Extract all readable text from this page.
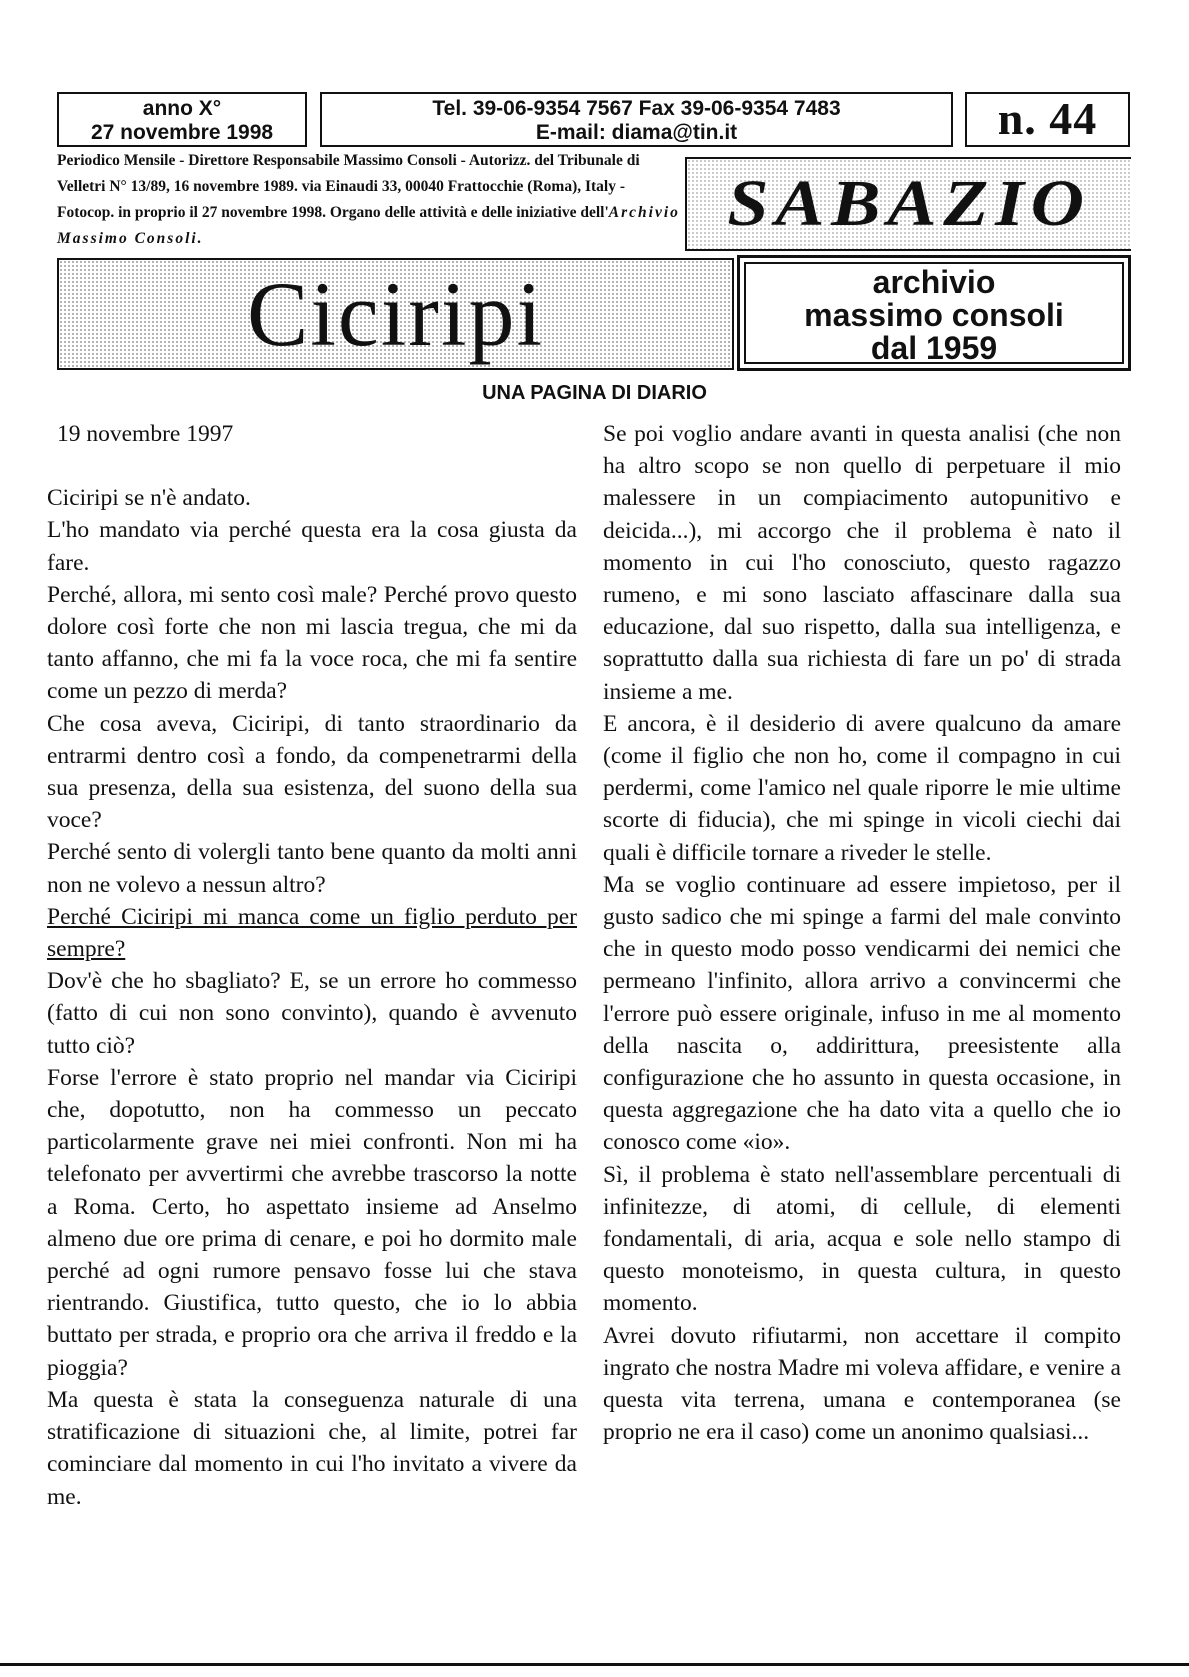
anno X°
27 novembre 1998
Tel. 39-06-9354 7567 Fax 39-06-9354 7483
E-mail: diama@tin.it	n. 44
Periodico Mensile - Direttore Responsabile Massimo Consoli - Autorizz. del Tribunale di Velletri N° 13/89, 16 novembre 1989. via Einaudi 33, 00040 Frattocchie (Roma), Italy - Fotocop. in proprio il 27 novembre 1998. Organo delle attività e delle iniziative dell'Archivio Massimo Consoli.	SABAZIO
Ciciripi	archivio
massimo consoli
dal 1959
UNA PAGINA DI DIARIO

19 novembre 1997

Ciciripi se n'è andato.

L'ho mandato via perché questa era la cosa giusta da fare.

Perché, allora, mi sento così male? Perché provo questo dolore così forte che non mi lascia tregua, che mi da tanto affanno, che mi fa la voce roca, che mi fa sentire come un pezzo di merda?

Che cosa aveva, Ciciripi, di tanto straordinario da entrarmi dentro così a fondo, da compenetrarmi della sua presenza, della sua esistenza, del suono della sua voce?

Perché sento di volergli tanto bene quanto da molti anni non ne volevo a nessun altro?

Perché Ciciripi mi manca come un figlio perduto per sempre?

Dov'è che ho sbagliato? E, se un errore ho commesso (fatto di cui non sono convinto), quando è avvenuto tutto ciò?

Forse l'errore è stato proprio nel mandar via Ciciripi che, dopotutto, non ha commesso un peccato particolarmente grave nei miei confronti. Non mi ha telefonato per avvertirmi che avrebbe trascorso la notte a Roma. Certo, ho aspettato insieme ad Anselmo almeno due ore prima di cenare, e poi ho dormito male perché ad ogni rumore pensavo fosse lui che stava rientrando. Giustifica, tutto questo, che io lo abbia buttato per strada, e proprio ora che arriva il freddo e la pioggia?

Ma questa è stata la conseguenza naturale di una stratificazione di situazioni che, al limite, potrei far cominciare dal momento in cui l'ho invitato a vivere da me.

Se poi voglio andare avanti in questa analisi (che non ha altro scopo se non quello di perpetuare il mio malessere in un compiacimento autopunitivo e deicida...), mi accorgo che il problema è nato il momento in cui l'ho conosciuto, questo ragazzo rumeno, e mi sono lasciato affascinare dalla sua educazione, dal suo rispetto, dalla sua intelligenza, e soprattutto dalla sua richiesta di fare un po' di strada insieme a me.

E ancora, è il desiderio di avere qualcuno da amare (come il figlio che non ho, come il compagno in cui perdermi, come l'amico nel quale riporre le mie ultime scorte di fiducia), che mi spinge in vicoli ciechi dai quali è difficile tornare a riveder le stelle.

Ma se voglio continuare ad essere impietoso, per il gusto sadico che mi spinge a farmi del male convinto che in questo modo posso vendicarmi dei nemici che permeano l'infinito, allora arrivo a convincermi che l'errore può essere originale, infuso in me al momento della nascita o, addirittura, preesistente alla configurazione che ho assunto in questa occasione, in questa aggregazione che ha dato vita a quello che io conosco come «io».

Sì, il problema è stato nell'assemblare percentuali di infinitezze, di atomi, di cellule, di elementi fondamentali, di aria, acqua e sole nello stampo di questo monoteismo, in questa cultura, in questo momento.

Avrei dovuto rifiutarmi, non accettare il compito ingrato che nostra Madre mi voleva affidare, e venire a questa vita terrena, umana e contemporanea (se proprio ne era il caso) come un anonimo qualsiasi...
